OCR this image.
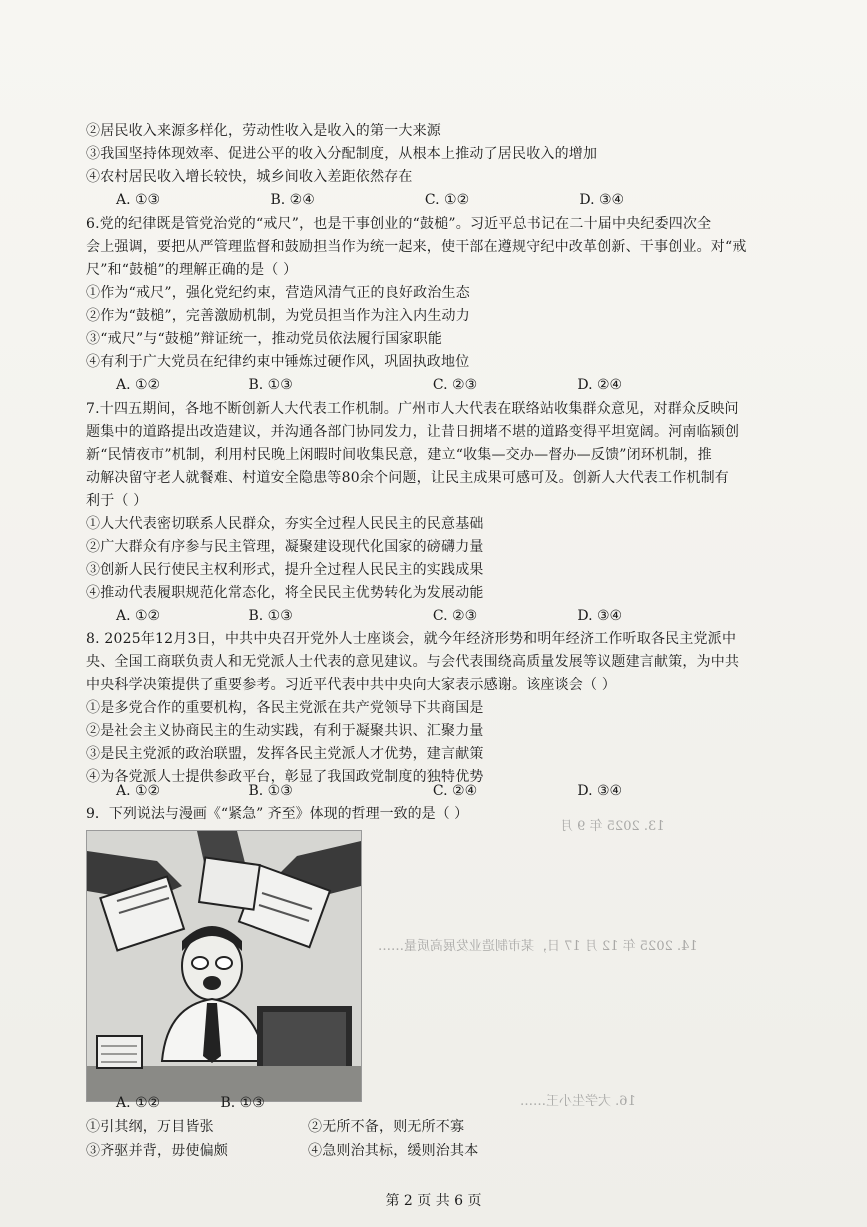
②居民收入来源多样化，劳动性收入是收入的第一大来源
③我国坚持体现效率、促进公平的收入分配制度，从根本上推动了居民收入的增加
④农村居民收入增长较快，城乡间收入差距依然存在
A. ①③	B. ②④	C. ①②	D. ③④
6.党的纪律既是管党治党的“戒尺”，也是干事创业的“鼓槌”。习近平总书记在二十届中央纪委四次全
会上强调，要把从严管理监督和鼓励担当作为统一起来，使干部在遵规守纪中改革创新、干事创业。对“戒
尺”和“鼓槌”的理解正确的是（ ）
①作为“戒尺”，强化党纪约束，营造风清气正的良好政治生态
②作为“鼓槌”，完善激励机制，为党员担当作为注入内生动力
③“戒尺”与“鼓槌”辩证统一，推动党员依法履行国家职能
④有利于广大党员在纪律约束中锤炼过硬作风，巩固执政地位
A. ①②	B. ①③	C. ②③	D. ②④
7.十四五期间，各地不断创新人大代表工作机制。广州市人大代表在联络站收集群众意见，对群众反映问
题集中的道路提出改造建议，并沟通各部门协同发力，让昔日拥堵不堪的道路变得平坦宽阔。河南临颍创
新“民情夜市”机制，利用村民晚上闲暇时间收集民意，建立“收集—交办—督办—反馈”闭环机制，推
动解决留守老人就餐难、村道安全隐患等80余个问题，让民主成果可感可及。创新人大代表工作机制有
利于（ ）
①人大代表密切联系人民群众，夯实全过程人民民主的民意基础
②广大群众有序参与民主管理，凝聚建设现代化国家的磅礴力量
③创新人民行使民主权利形式，提升全过程人民民主的实践成果
④推动代表履职规范化常态化，将全民民主优势转化为发展动能
A. ①②	B. ①③	C. ②③	D. ③④
8. 2025年12月3日，中共中央召开党外人士座谈会，就今年经济形势和明年经济工作听取各民主党派中
央、全国工商联负责人和无党派人士代表的意见建议。与会代表围绕高质量发展等议题建言献策，为中共
中央科学决策提供了重要参考。习近平代表中共中央向大家表示感谢。该座谈会（ ）
①是多党合作的重要机构，各民主党派在共产党领导下共商国是
②是社会主义协商民主的生动实践，有利于凝聚共识、汇聚力量
③是民主党派的政治联盟，发挥各民主党派人才优势，建言献策
④为各党派人士提供参政平台，彰显了我国政党制度的独特优势
A. ①②	B. ①③	C. ②④	D. ③④
9．下列说法与漫画《“紧急” 齐至》体现的哲理一致的是（ ）
A. ①②	B. ①③
①引其纲，万目皆张	②无所不备，则无所不寡
③齐驱并背，毋使偏颇	④急则治其标，缓则治其本
13. 2025 年 9 月
14. 2025 年 12 月 17 日，某市制造业发展高质量……
16. 大学生小王……
第 2 页 共 6 页
